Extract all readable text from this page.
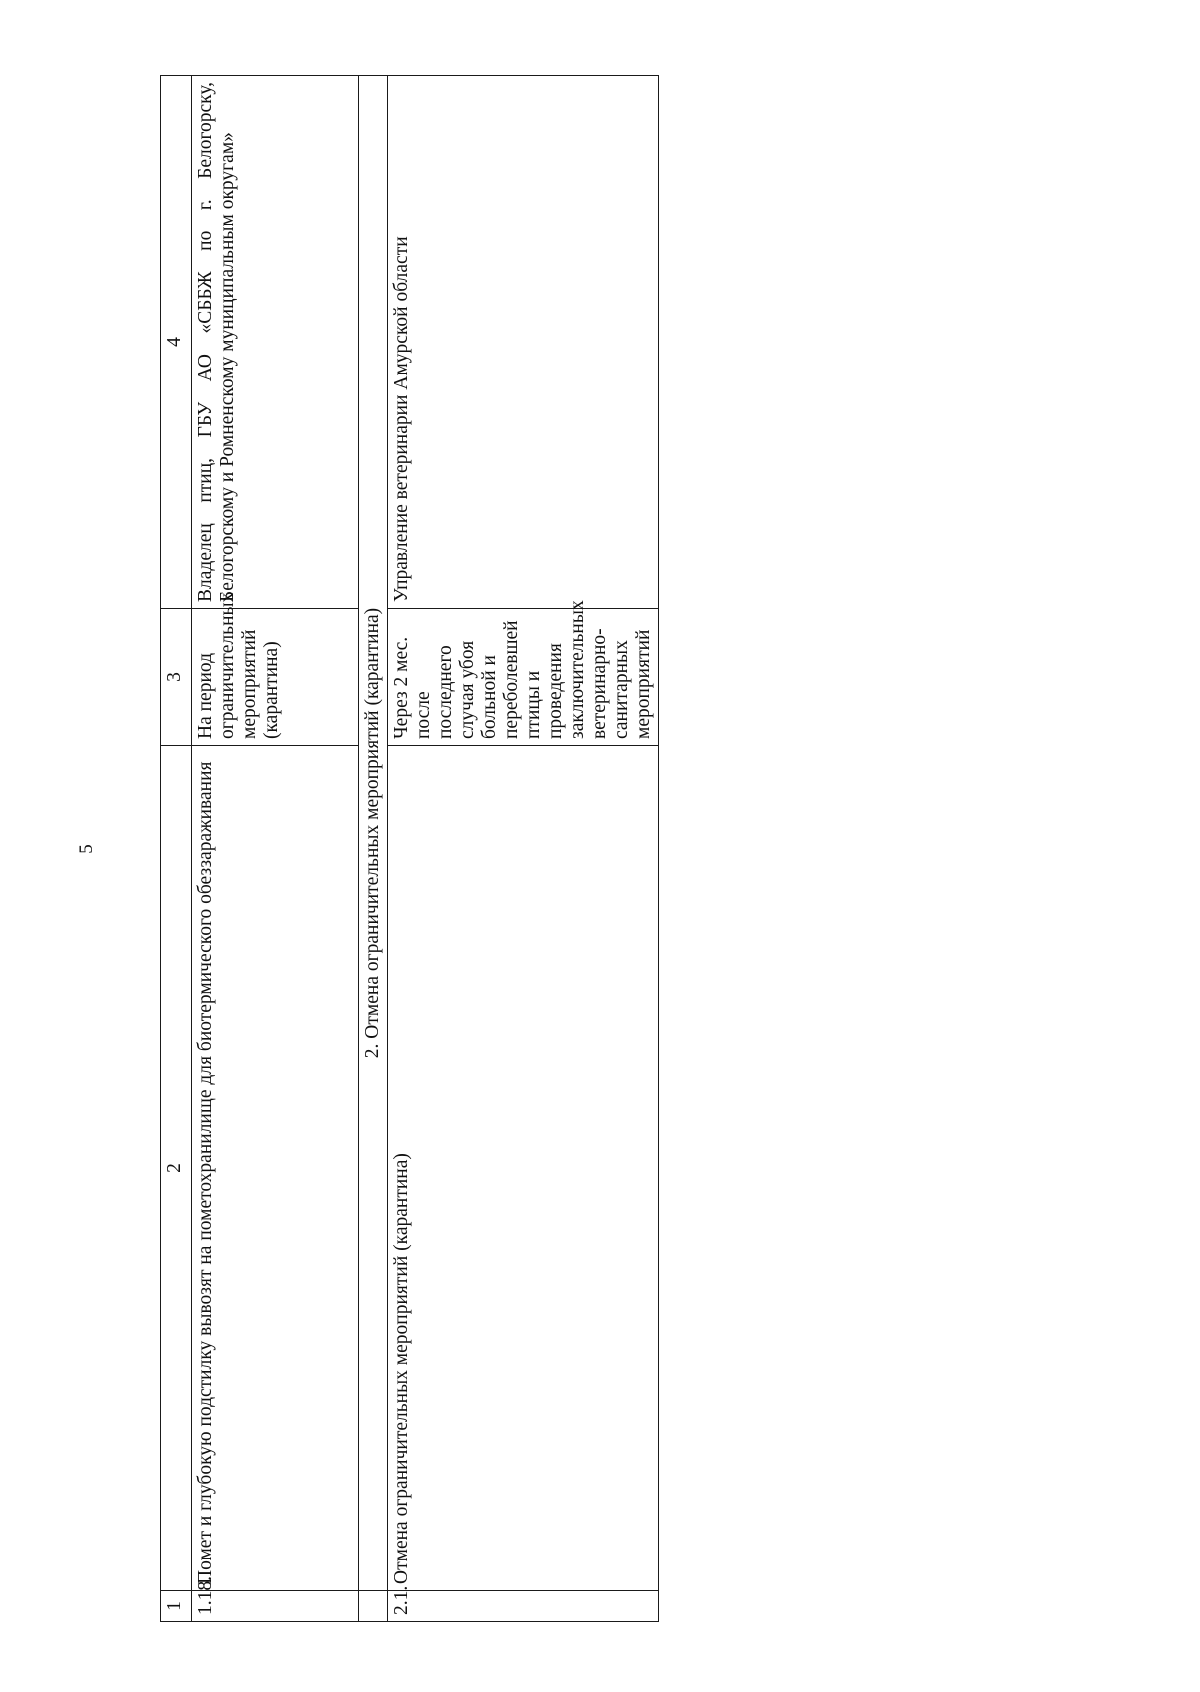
5
1	2	3	4
1.18.	Помет и глубокую подстилку вывозят на пометохранилище для биотермического обеззараживания	На период ограничительных мероприятий (карантина)	Владелец птиц, ГБУ АО «СББЖ по г. Белогорску, Белогорскому и Ромненскому муниципальным округам»
	2. Отмена ограничительных мероприятий (карантина)		
2.1.	Отмена ограничительных мероприятий (карантина)	Через 2 мес. после последнего случая убоя больной и переболевшей птицы и проведения заключительных ветеринарно-санитарных мероприятий	Управление ветеринарии Амурской области
